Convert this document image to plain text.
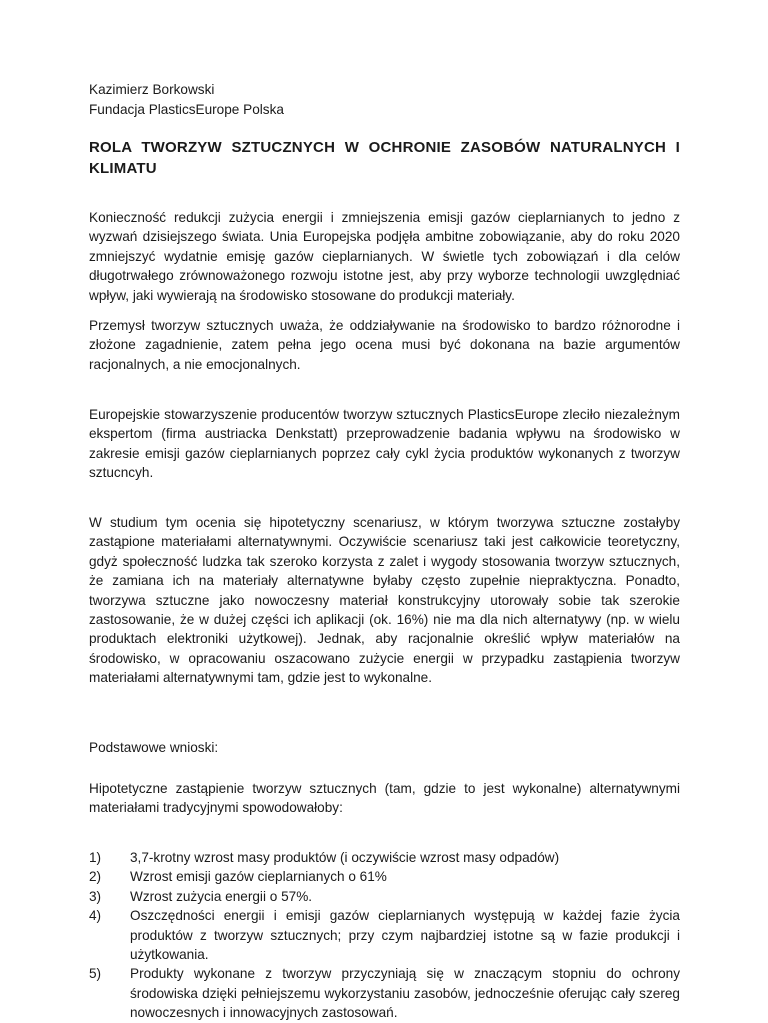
Kazimierz Borkowski
Fundacja PlasticsEurope Polska
ROLA TWORZYW SZTUCZNYCH W OCHRONIE ZASOBÓW NATURALNYCH I KLIMATU

Konieczność redukcji zużycia energii i zmniejszenia emisji gazów cieplarnianych to jedno z wyzwań dzisiejszego świata. Unia Europejska podjęła ambitne zobowiązanie, aby do roku 2020 zmniejszyć wydatnie emisję gazów cieplarnianych. W świetle tych zobowiązań i dla celów długotrwałego zrównoważonego rozwoju istotne jest, aby przy wyborze technologii uwzględniać wpływ, jaki wywierają na środowisko stosowane do produkcji materiały.

Przemysł tworzyw sztucznych uważa, że oddziaływanie na środowisko to bardzo różnorodne i złożone zagadnienie, zatem pełna jego ocena musi być dokonana na bazie argumentów racjonalnych, a nie emocjonalnych.

Europejskie stowarzyszenie producentów tworzyw sztucznych PlasticsEurope zleciło niezależnym ekspertom (firma austriacka Denkstatt) przeprowadzenie badania wpływu na środowisko w zakresie emisji gazów cieplarnianych poprzez cały cykl życia produktów wykonanych z tworzyw sztucncyh.

W studium tym ocenia się hipotetyczny scenariusz, w którym tworzywa sztuczne zostałyby zastąpione materiałami alternatywnymi. Oczywiście scenariusz taki jest całkowicie teoretyczny, gdyż społeczność ludzka tak szeroko korzysta z zalet i wygody stosowania tworzyw sztucznych, że zamiana ich na materiały alternatywne byłaby często zupełnie niepraktyczna. Ponadto, tworzywa sztuczne jako nowoczesny materiał konstrukcyjny utorowały sobie tak szerokie zastosowanie, że w dużej części ich aplikacji (ok. 16%) nie ma dla nich alternatywy (np. w wielu produktach elektroniki użytkowej). Jednak, aby racjonalnie określić wpływ materiałów na środowisko, w opracowaniu oszacowano zużycie energii w przypadku zastąpienia tworzyw materiałami alternatywnymi tam, gdzie jest to wykonalne.

Podstawowe wnioski:

Hipotetyczne zastąpienie tworzyw sztucznych (tam, gdzie to jest wykonalne) alternatywnymi materiałami tradycyjnymi spowodowałoby:

1)	3,7-krotny wzrost masy produktów (i oczywiście wzrost masy odpadów)
2)	Wzrost emisji gazów cieplarnianych o 61%
3)	Wzrost zużycia energii o 57%.
4)	Oszczędności energii i emisji gazów cieplarnianych występują w każdej fazie życia produktów z tworzyw sztucznych; przy czym najbardziej istotne są w fazie produkcji i użytkowania.
5)	Produkty wykonane z tworzyw przyczyniają się w znaczącym stopniu do ochrony środowiska dzięki pełniejszemu wykorzystaniu zasobów, jednocześnie oferując cały szereg nowoczesnych i innowacyjnych zastosowań.
